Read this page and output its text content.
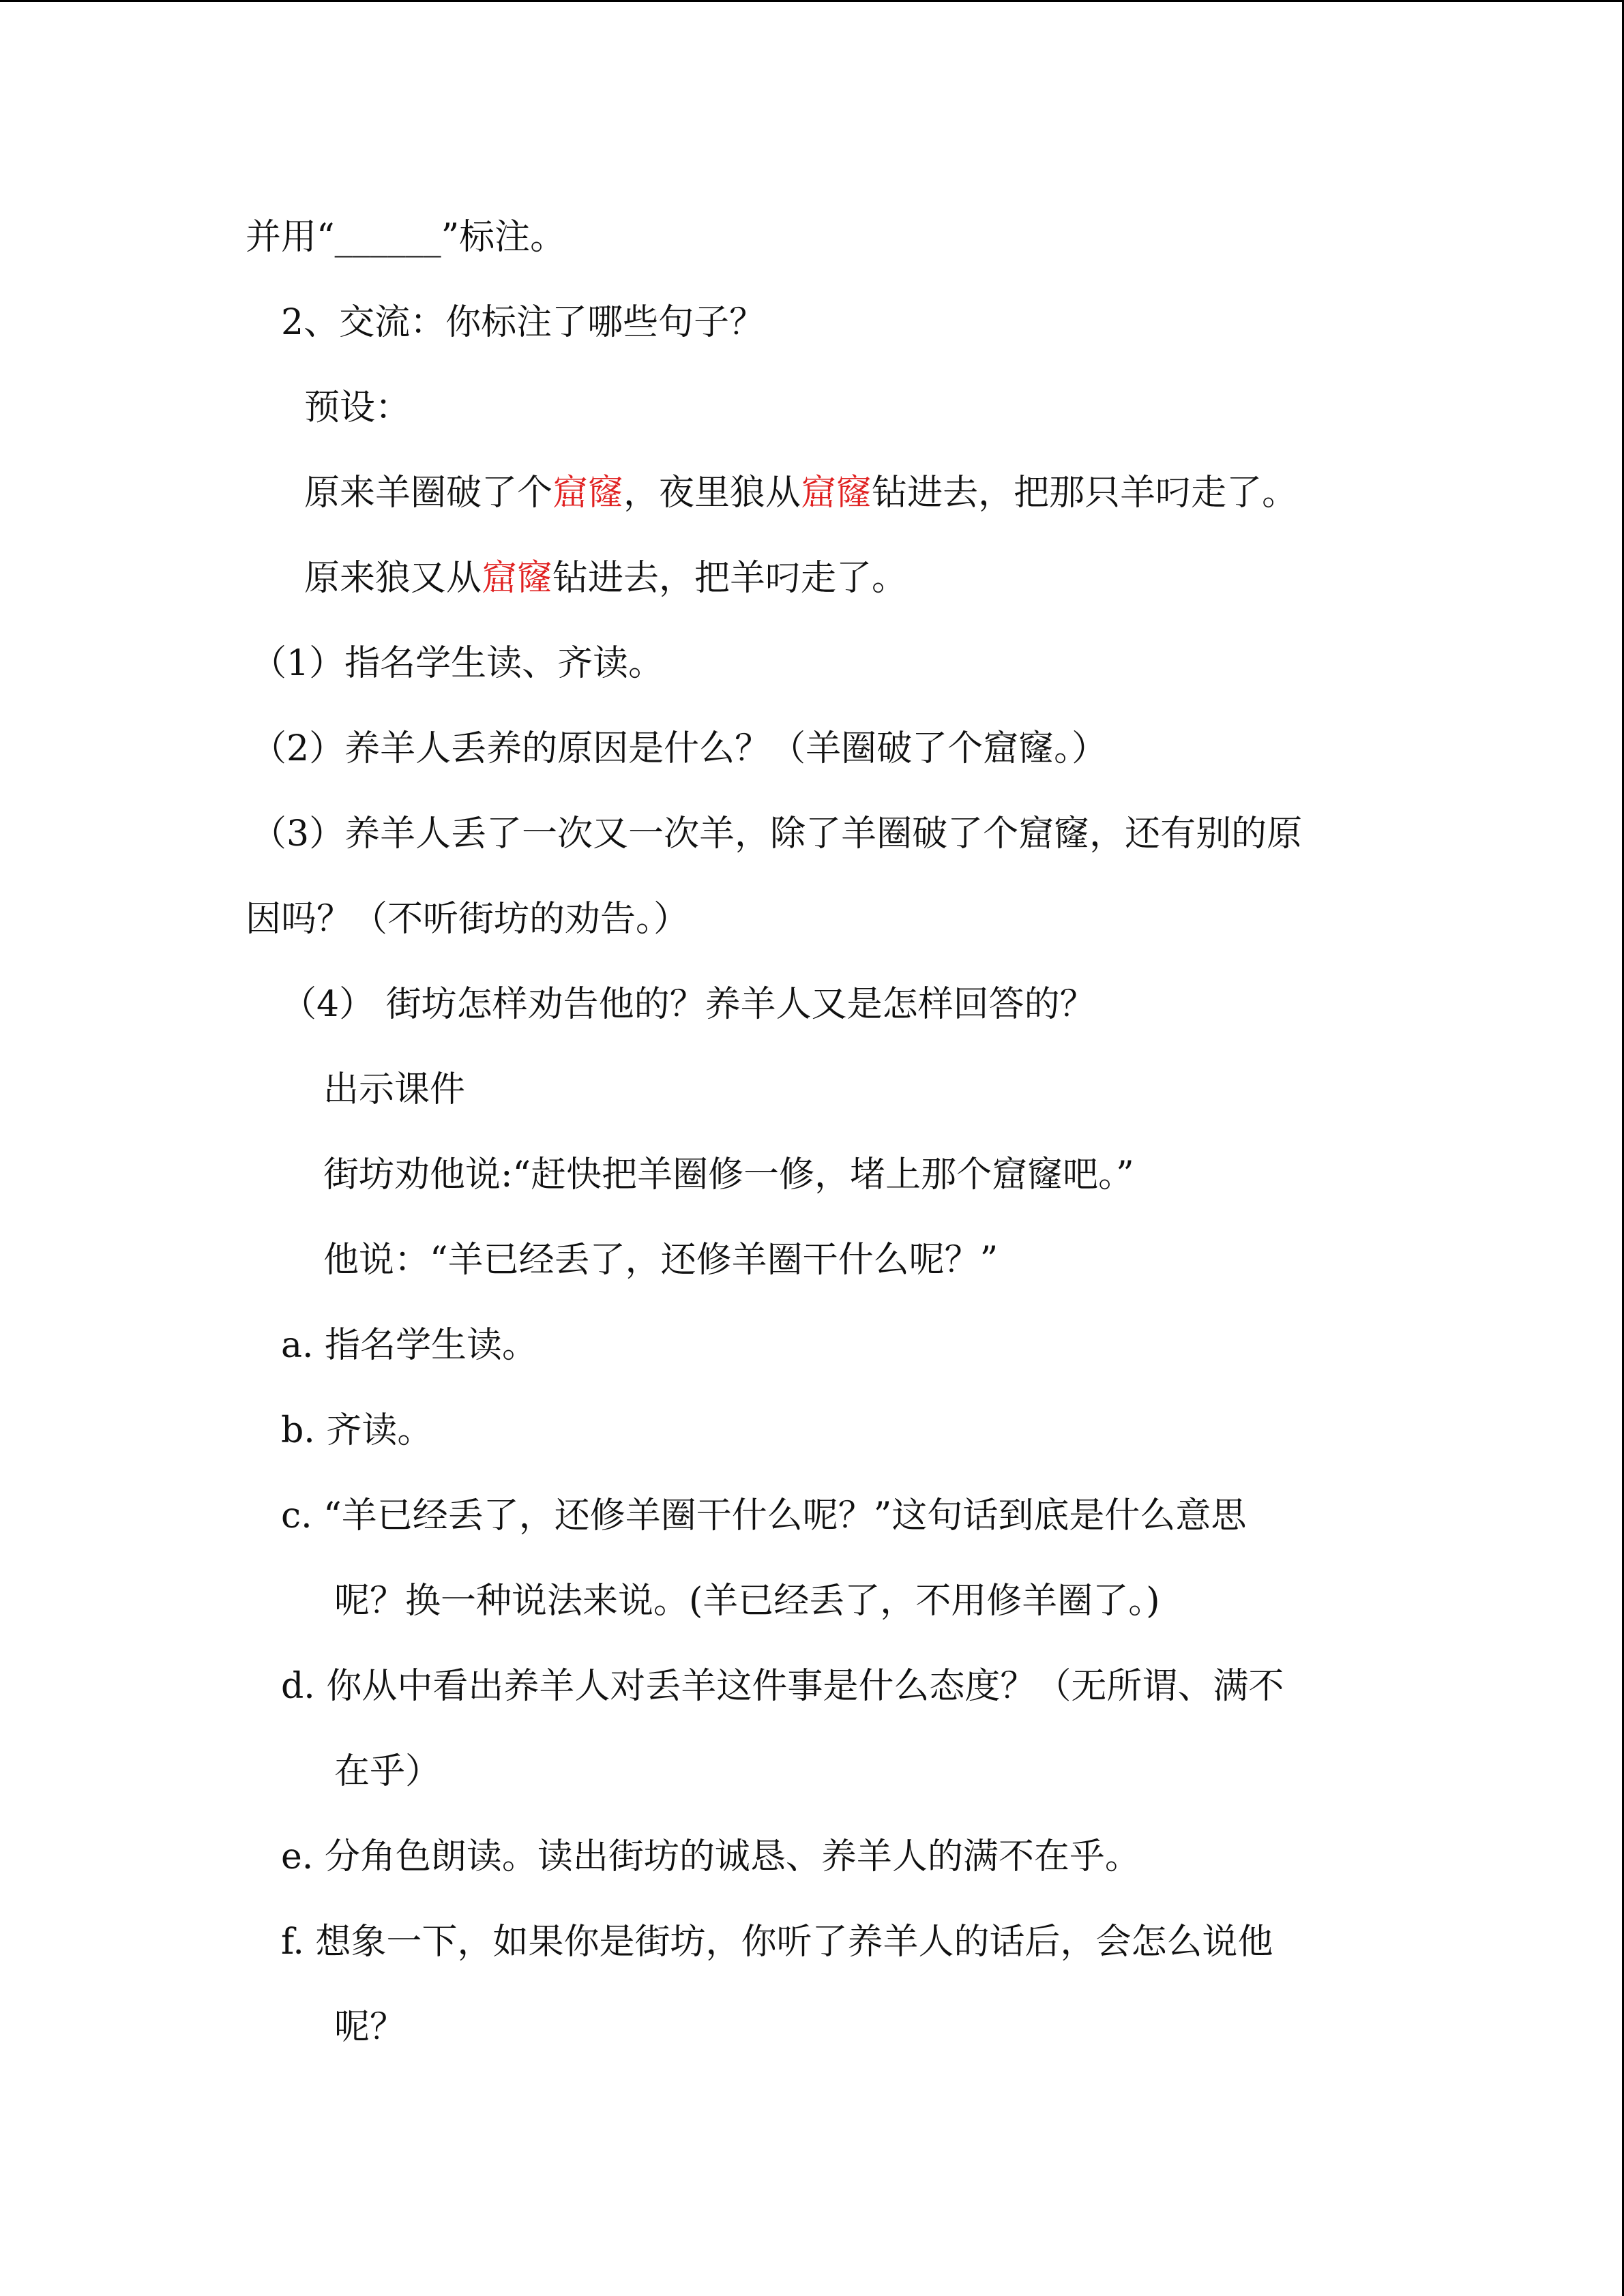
并用“______”标注。
2、交流：你标注了哪些句子？
预设：
原来羊圈破了个窟窿，夜里狼从窟窿钻进去，把那只羊叼走了。
原来狼又从窟窿钻进去，把羊叼走了。
（1）指名学生读、齐读。
（2）养羊人丢养的原因是什么？（羊圈破了个窟窿。）
（3）养羊人丢了一次又一次羊，除了羊圈破了个窟窿，还有别的原
因吗？（不听街坊的劝告。）
（4） 街坊怎样劝告他的？养羊人又是怎样回答的？
出示课件
街坊劝他说:“赶快把羊圈修一修，堵上那个窟窿吧。”
他说：“羊已经丢了，还修羊圈干什么呢？”
a. 指名学生读。
b. 齐读。
c. “羊已经丢了，还修羊圈干什么呢？”这句话到底是什么意思
呢？换一种说法来说。(羊已经丢了，不用修羊圈了。)
d. 你从中看出养羊人对丢羊这件事是什么态度？（无所谓、满不
在乎）
e. 分角色朗读。读出街坊的诚恳、养羊人的满不在乎。
f. 想象一下，如果你是街坊，你听了养羊人的话后，会怎么说他
呢？
